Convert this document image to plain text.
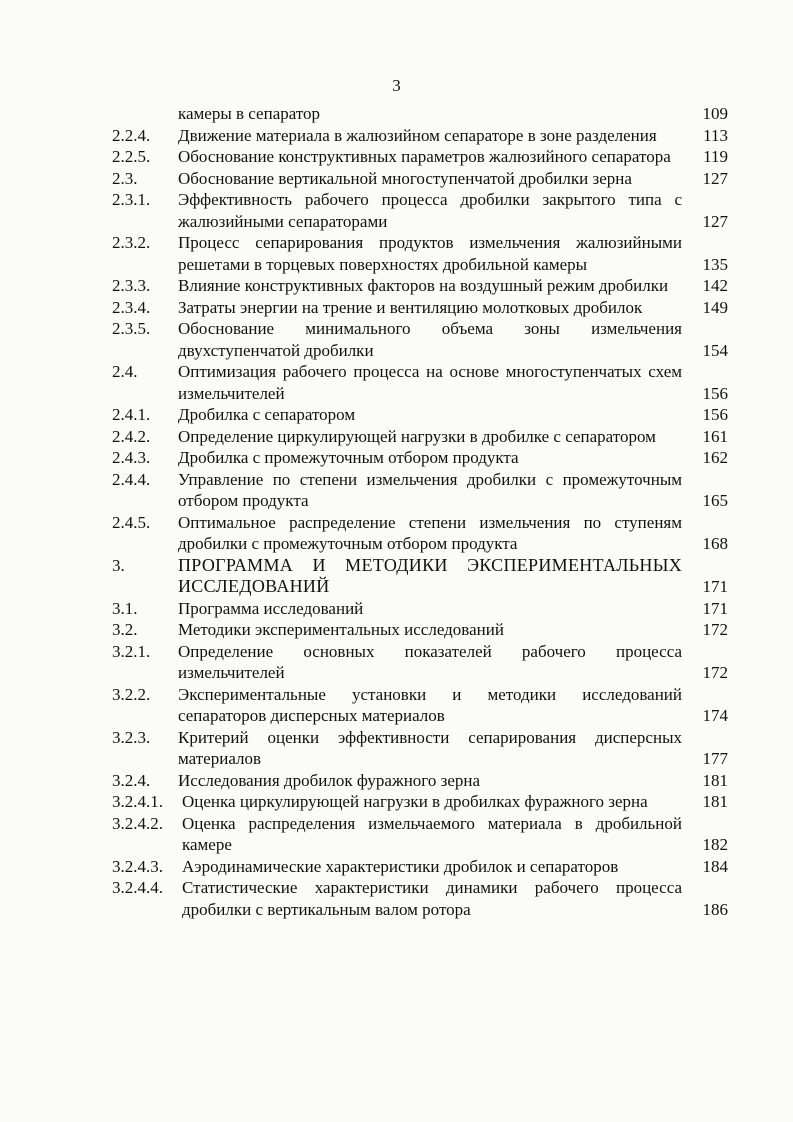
3
камеры в сепаратор	109
2.2.4. Движение материала в жалюзийном сепараторе в зоне разделения	113
2.2.5. Обоснование конструктивных параметров жалюзийного сепаратора	119
2.3. Обоснование вертикальной многоступенчатой дробилки зерна	127
2.3.1. Эффективность рабочего процесса дробилки закрытого типа с жалюзийными сепараторами	127
2.3.2. Процесс сепарирования продуктов измельчения жалюзийными решетами в торцевых поверхностях дробильной камеры	135
2.3.3. Влияние конструктивных факторов на воздушный режим дробилки	142
2.3.4. Затраты энергии на трение и вентиляцию молотковых дробилок	149
2.3.5. Обоснование минимального объема зоны измельчения двухступенчатой дробилки	154
2.4. Оптимизация рабочего процесса на основе многоступенчатых схем измельчителей	156
2.4.1. Дробилка с сепаратором	156
2.4.2. Определение циркулирующей нагрузки в дробилке с сепаратором	161
2.4.3. Дробилка с промежуточным отбором продукта	162
2.4.4. Управление по степени измельчения дробилки с промежуточным отбором продукта	165
2.4.5. Оптимальное распределение степени измельчения по ступеням дробилки с промежуточным отбором продукта	168
3.	ПРОГРАММА И МЕТОДИКИ ЭКСПЕРИМЕНТАЛЬНЫХ ИССЛЕДОВАНИЙ	171
3.1. Программа исследований	171
3.2. Методики экспериментальных исследований	172
3.2.1. Определение основных показателей рабочего процесса измельчителей	172
3.2.2. Экспериментальные установки и методики исследований сепараторов дисперсных материалов	174
3.2.3. Критерий оценки эффективности сепарирования дисперсных материалов	177
3.2.4. Исследования дробилок фуражного зерна	181
3.2.4.1. Оценка циркулирующей нагрузки в дробилках фуражного зерна	181
3.2.4.2. Оценка распределения измельчаемого материала в дробильной камере	182
3.2.4.3. Аэродинамические характеристики дробилок и сепараторов	184
3.2.4.4. Статистические характеристики динамики рабочего процесса дробилки с вертикальным валом ротора	186
